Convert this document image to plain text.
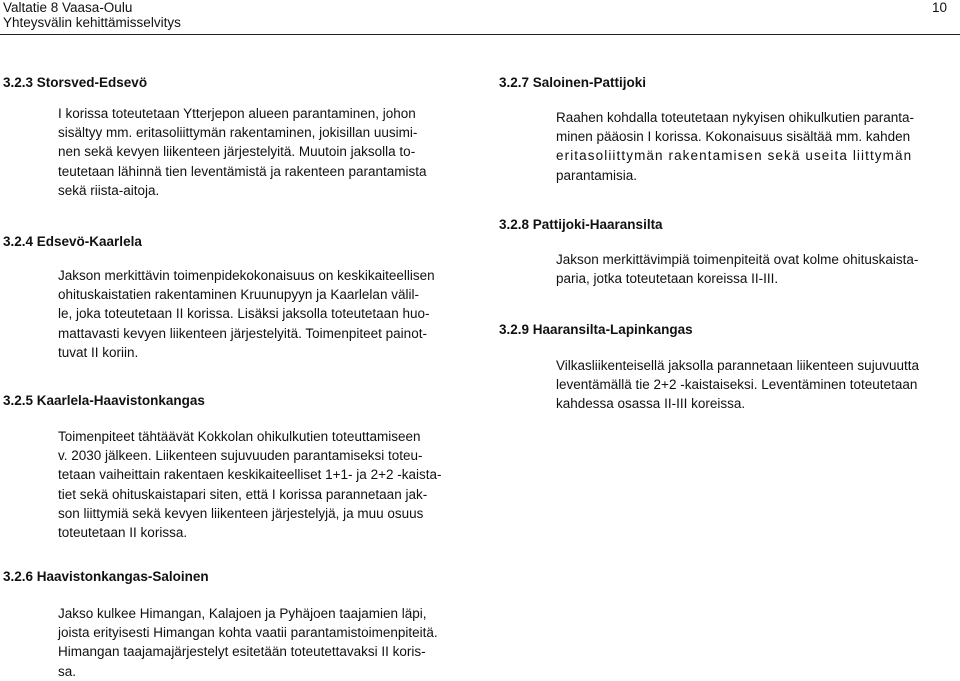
Valtatie 8 Vaasa-Oulu
Yhteysvälin kehittämisselvitys
10
3.2.3 Storsved-Edsevö
I korissa toteutetaan Ytterjepon alueen parantaminen, johon
sisältyy mm. eritasoliittymän rakentaminen, jokisillan uusimi-
nen sekä kevyen liikenteen järjestelyitä. Muutoin jaksolla to-
teutetaan lähinnä tien leventämistä ja rakenteen parantamista
sekä riista-aitoja.
3.2.4 Edsevö-Kaarlela
Jakson merkittävin toimenpidekokonaisuus on keskikaiteellisen
ohituskaistatien rakentaminen Kruunupyyn ja Kaarlelan välil-
le, joka toteutetaan II korissa. Lisäksi jaksolla toteutetaan huo-
mattavasti kevyen liikenteen järjestelyitä. Toimenpiteet painot-
tuvat II koriin.
3.2.5 Kaarlela-Haavistonkangas
Toimenpiteet tähtäävät Kokkolan ohikulkutien toteuttamiseen
v. 2030 jälkeen. Liikenteen sujuvuuden parantamiseksi toteu-
tetaan vaiheittain rakentaen keskikaiteelliset 1+1- ja 2+2 -kaista-
tiet sekä ohituskaistapari siten, että I korissa parannetaan jak-
son liittymiä sekä kevyen liikenteen järjestelyjä, ja muu osuus
toteutetaan II korissa.
3.2.6 Haavistonkangas-Saloinen
Jakso kulkee Himangan, Kalajoen ja Pyhäjoen taajamien läpi,
joista erityisesti Himangan kohta vaatii parantamistoimenpiteitä.
Himangan taajamajärjestelyt esitetään toteutettavaksi II koris-
sa.
3.2.7 Saloinen-Pattijoki
Raahen kohdalla toteutetaan nykyisen ohikulkutien paranta-
minen pääosin I korissa. Kokonaisuus sisältää mm. kahden
eritasoliittymän rakentamisen sekä useita liittymän
parantamisia.
3.2.8 Pattijoki-Haaransilta
Jakson merkittävimpiä toimenpiteitä ovat kolme ohituskaista-
paria, jotka toteutetaan koreissa II-III.
3.2.9 Haaransilta-Lapinkangas
Vilkasliikenteisellä jaksolla parannetaan liikenteen sujuvuutta
leventämällä tie 2+2 -kaistaiseksi. Leventäminen toteutetaan
kahdessa osassa II-III koreissa.
